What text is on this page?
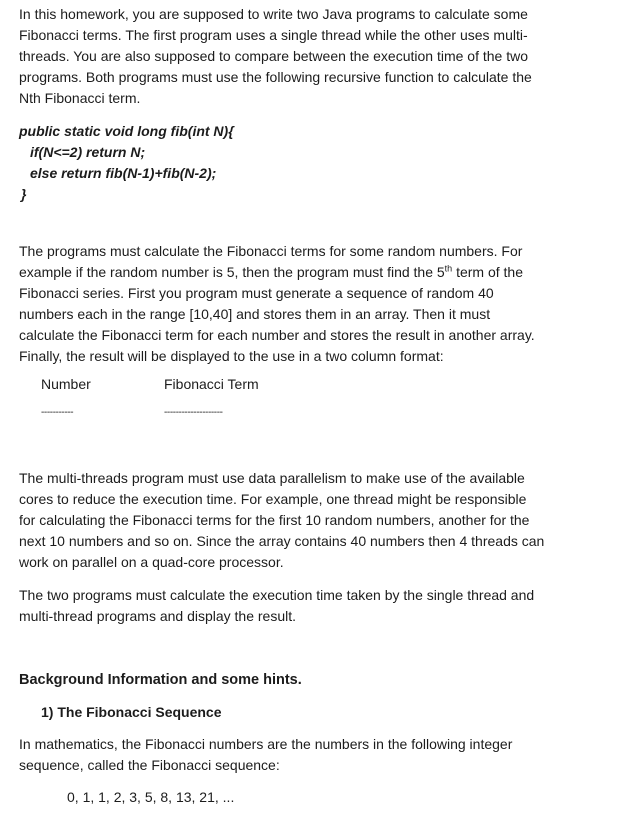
In this homework, you are supposed to write two Java programs to calculate some

Fibonacci terms. The first program uses a single thread while the other uses multi-

threads. You are also supposed to compare between the execution time of the two

programs. Both programs must use the following recursive function to calculate the

Nth Fibonacci term.

public static void long fib(int N){

if(N<=2) return N;

else return fib(N-1)+fib(N-2);

}

The programs must calculate the Fibonacci terms for some random numbers. For

example if the random number is 5, then the program must find the 5th term of the

Fibonacci series. First you program must generate a sequence of random 40

numbers each in the range [10,40] and stores them in an array. Then it must

calculate the Fibonacci term for each number and stores the result in another array.

Finally, the result will be displayed to the use in a two column format:

Number	Fibonacci Term
-----------	--------------------

The multi-threads program must use data parallelism to make use of the available

cores to reduce the execution time. For example, one thread might be responsible

for calculating the Fibonacci terms for the first 10 random numbers, another for the

next 10 numbers and so on. Since the array contains 40 numbers then 4 threads can

work on parallel on a quad-core processor.

The two programs must calculate the execution time taken by the single thread and

multi-thread programs and display the result.

Background Information and some hints.

1) The Fibonacci Sequence

In mathematics, the Fibonacci numbers are the numbers in the following integer

sequence, called the Fibonacci sequence:

0, 1, 1, 2, 3, 5, 8, 13, 21, ...
